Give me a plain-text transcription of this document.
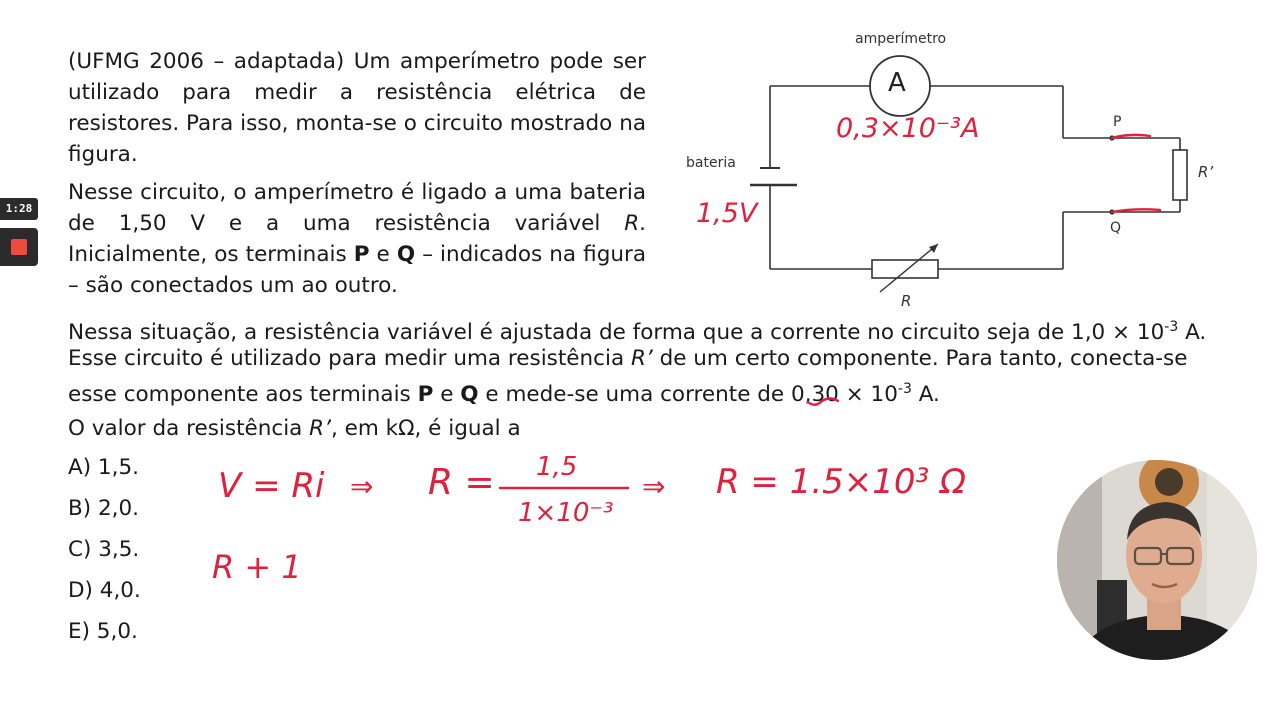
1:28
(UFMG 2006 – adaptada) Um amperímetro pode ser utilizado para medir a resistência elétrica de resistores. Para isso, monta-se o circuito mostrado na figura.
Nesse circuito, o amperímetro é ligado a uma bateria de 1,50 V e a uma resistência variável R. Inicialmente, os terminais P e Q – indicados na figura – são conectados um ao outro.
Nessa situação, a resistência variável é ajustada de forma que a corrente no circuito seja de $1,0 \times 10^{-3}$ A.
Esse circuito é utilizado para medir uma resistência R’ de um certo componente. Para tanto, conecta-se
esse componente aos terminais P e Q e mede-se uma corrente de $0,30 \times 10^{-3}$ A.
O valor da resistência R’, em kΩ, é igual a
A) 1,5.
B) 2,0.
C) 3,5.
D) 4,0.
E) 5,0.
amperímetro
A
bateria
P
Q
R’
R
0,3×10⁻³A
1,5V
V = Ri ⇒ R = 1,5
1×10⁻³
⇒ R = 1.5×10³ Ω
R + 1
